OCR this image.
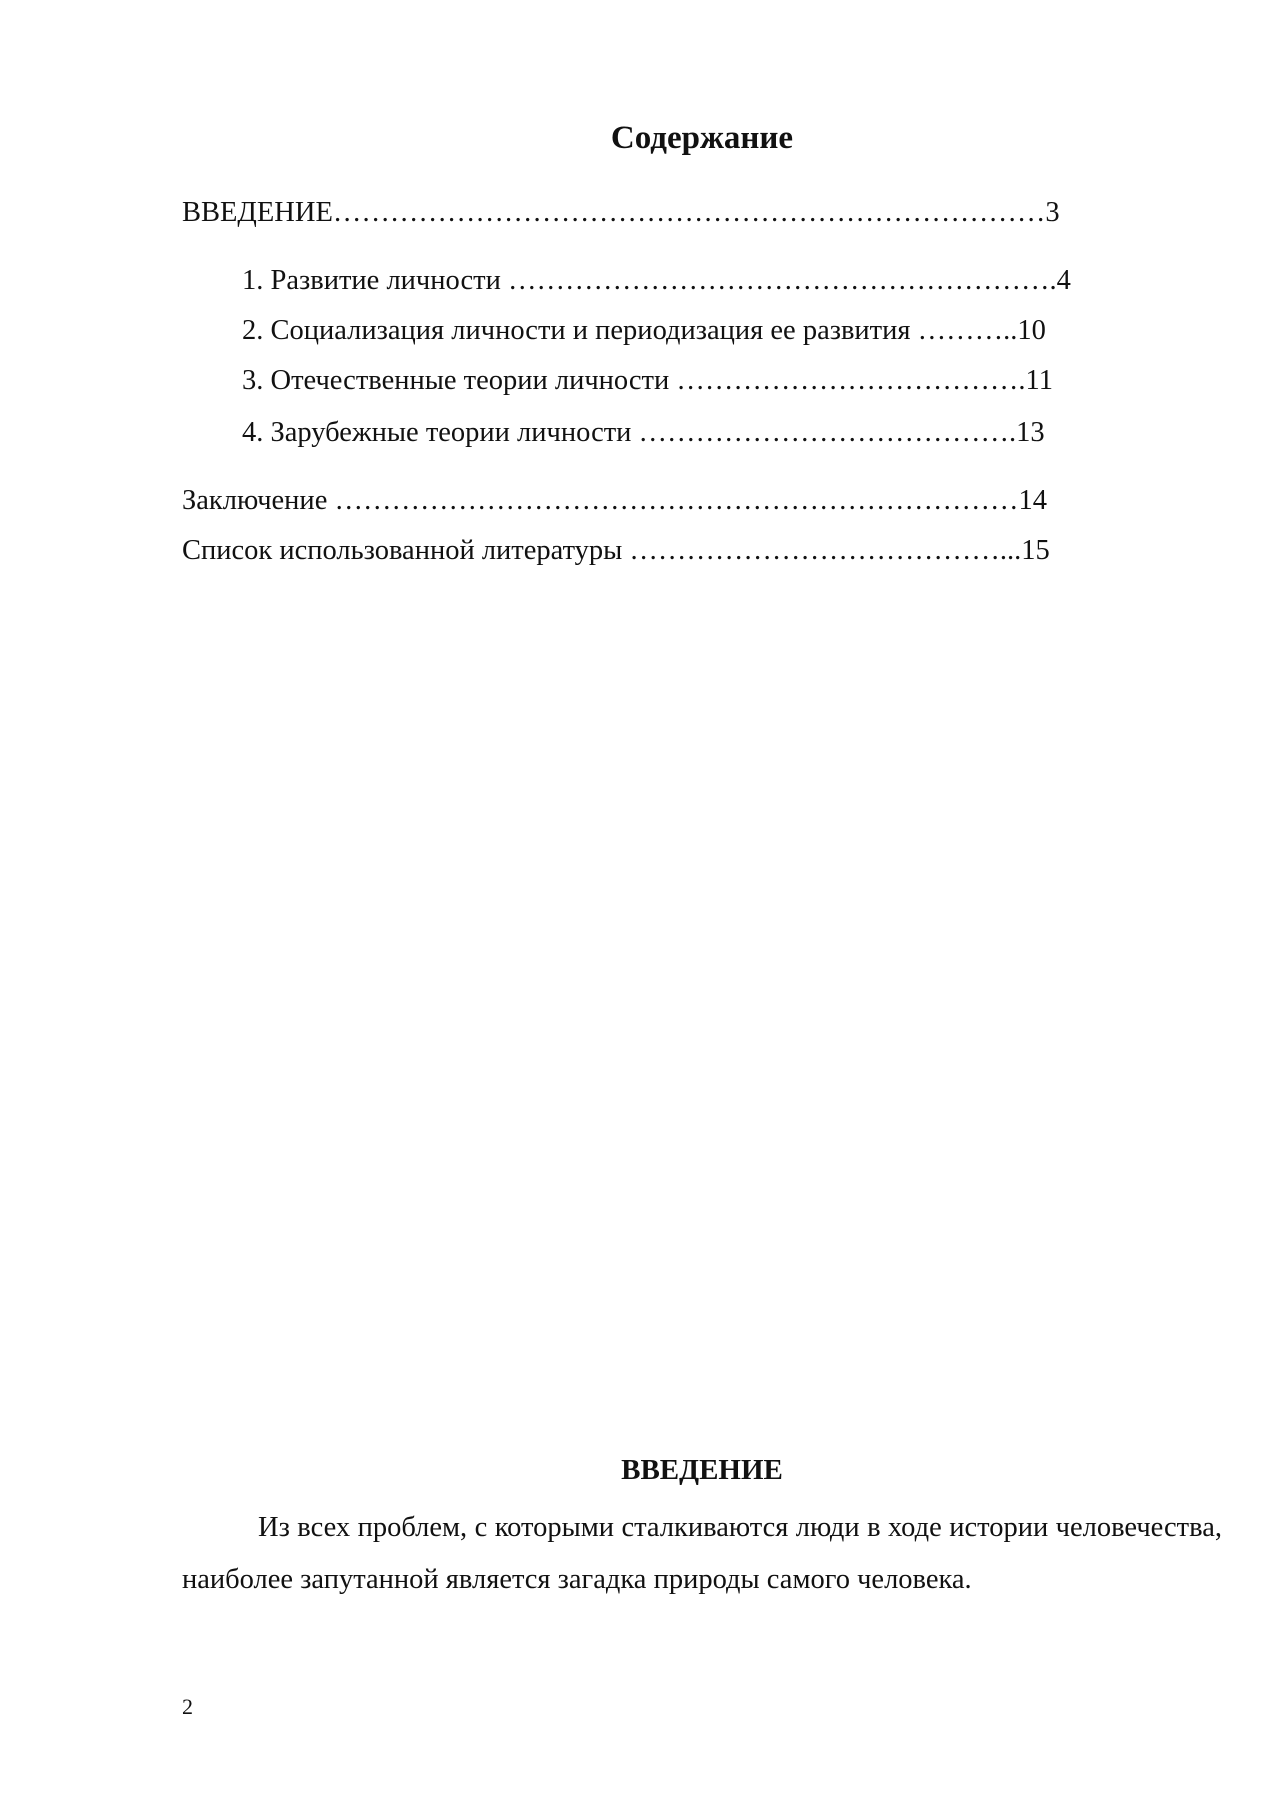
Содержание
ВВЕДЕНИЕ…………………………………………………………………3
1. Развитие личности ………………………………………………….4
2. Социализация личности и периодизация ее развития ………..10
3. Отечественные теории личности ……………………………….11
4. Зарубежные теории личности ………………………………….13
Заключение ………………………………………………………………14
Список использованной литературы …………………………………...15
ВВЕДЕНИЕ

Из всех проблем, с которыми сталкиваются люди в ходе истории человечества, наиболее запутанной является загадка природы самого человека.

2
